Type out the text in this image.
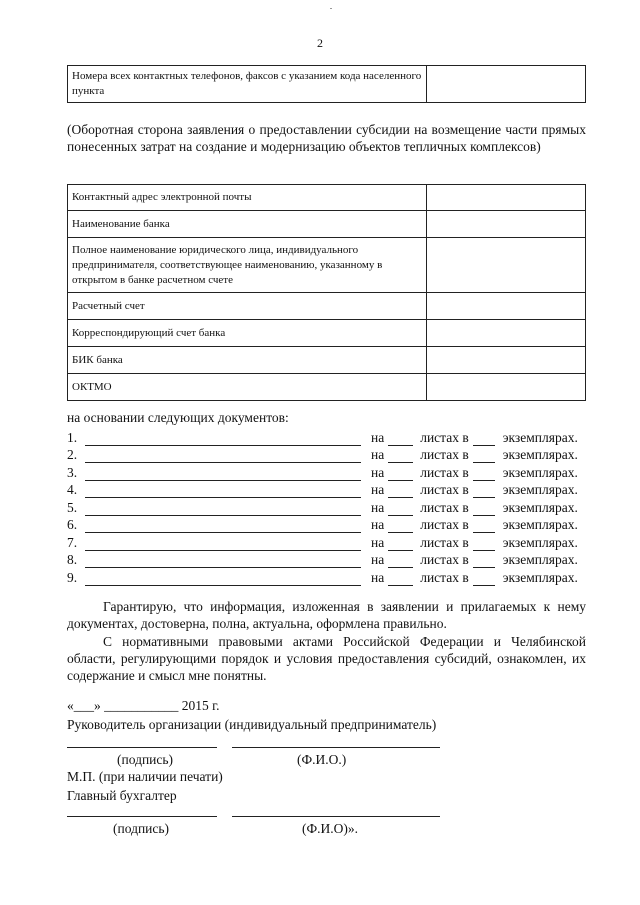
2
Номера всех контактных телефонов, факсов с указанием кода населенного пункта	
(Оборотная сторона заявления о предоставлении субсидии на возмещение части прямых понесенных затрат на создание и модернизацию объектов тепличных комплексов)
Контактный адрес электронной почты	
Наименование банка	
Полное наименование юридического лица, индивидуального предпринимателя, соответствующее наименованию, указанному в открытом в банке расчетном счете	
Расчетный счет	
Корреспондирующий счет банка	
БИК банка	
ОКТМО	
на основании следующих документов:
1.	на	листах в	экземплярах.
2.	на	листах в	экземплярах.
3.	на	листах в	экземплярах.
4.	на	листах в	экземплярах.
5.	на	листах в	экземплярах.
6.	на	листах в	экземплярах.
7.	на	листах в	экземплярах.
8.	на	листах в	экземплярах.
9.	на	листах в	экземплярах.
Гарантирую, что информация, изложенная в заявлении и прилагаемых к нему документах, достоверна, полна, актуальна, оформлена правильно.
С нормативными правовыми актами Российской Федерации и Челябинской области, регулирующими порядок и условия предоставления субсидий, ознакомлен, их содержание и смысл мне понятны.
«___» ___________ 2015 г.
Руководитель организации (индивидуальный предприниматель)
(подпись)	(Ф.И.О.)
М.П. (при наличии печати)
Главный бухгалтер
(подпись)	(Ф.И.О)».
